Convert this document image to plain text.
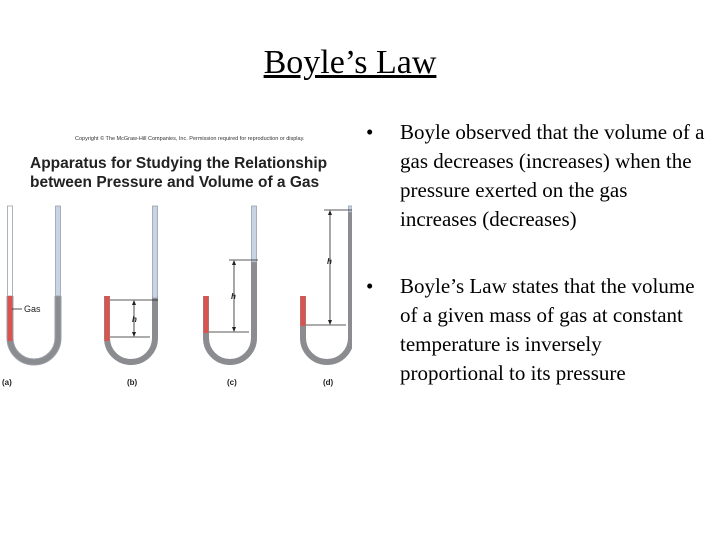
Boyle’s Law
Copyright © The McGraw-Hill Companies, Inc. Permission required for reproduction or display.
Apparatus for Studying the Relationship
between Pressure and Volume of a Gas
Gas
(a)
h
(b)
h
(c)
h
(d)
• Boyle observed that the volume of a gas decreases (increases) when the pressure exerted on the gas increases (decreases)
• Boyle’s Law states that the volume of a given mass of gas at constant temperature is inversely proportional to its pressure
